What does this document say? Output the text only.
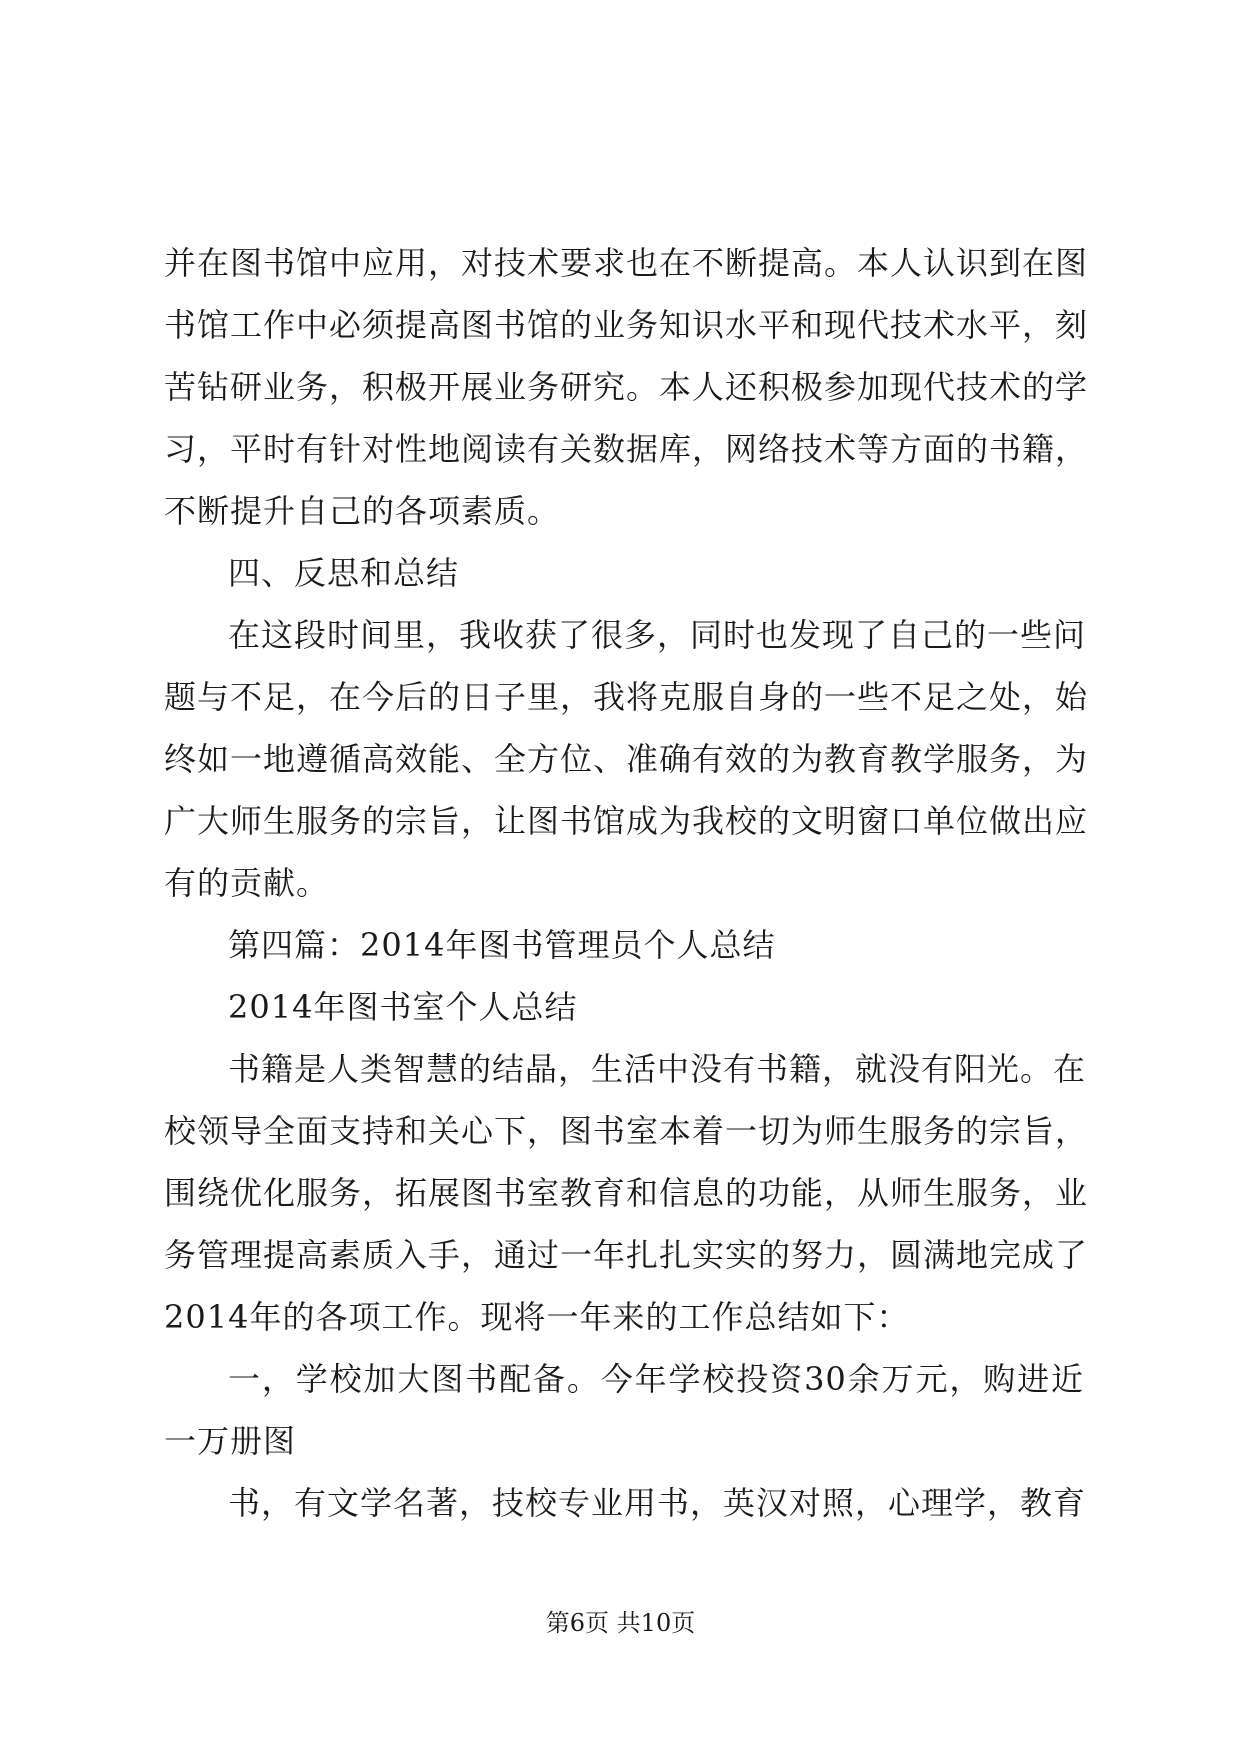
并在图书馆中应用，对技术要求也在不断提高。本人认识到在图
书馆工作中必须提高图书馆的业务知识水平和现代技术水平，刻
苦钻研业务，积极开展业务研究。本人还积极参加现代技术的学
习，平时有针对性地阅读有关数据库，网络技术等方面的书籍，
不断提升自己的各项素质。
四、反思和总结
在这段时间里，我收获了很多，同时也发现了自己的一些问
题与不足，在今后的日子里，我将克服自身的一些不足之处，始
终如一地遵循高效能、全方位、准确有效的为教育教学服务，为
广大师生服务的宗旨，让图书馆成为我校的文明窗口单位做出应
有的贡献。
第四篇：2014年图书管理员个人总结
2014年图书室个人总结
书籍是人类智慧的结晶，生活中没有书籍，就没有阳光。在
校领导全面支持和关心下，图书室本着一切为师生服务的宗旨，
围绕优化服务，拓展图书室教育和信息的功能，从师生服务，业
务管理提高素质入手，通过一年扎扎实实的努力，圆满地完成了
2014年的各项工作。现将一年来的工作总结如下：
一，学校加大图书配备。今年学校投资30余万元，购进近
一万册图
书，有文学名著，技校专业用书，英汉对照，心理学，教育
第6页 共10页
